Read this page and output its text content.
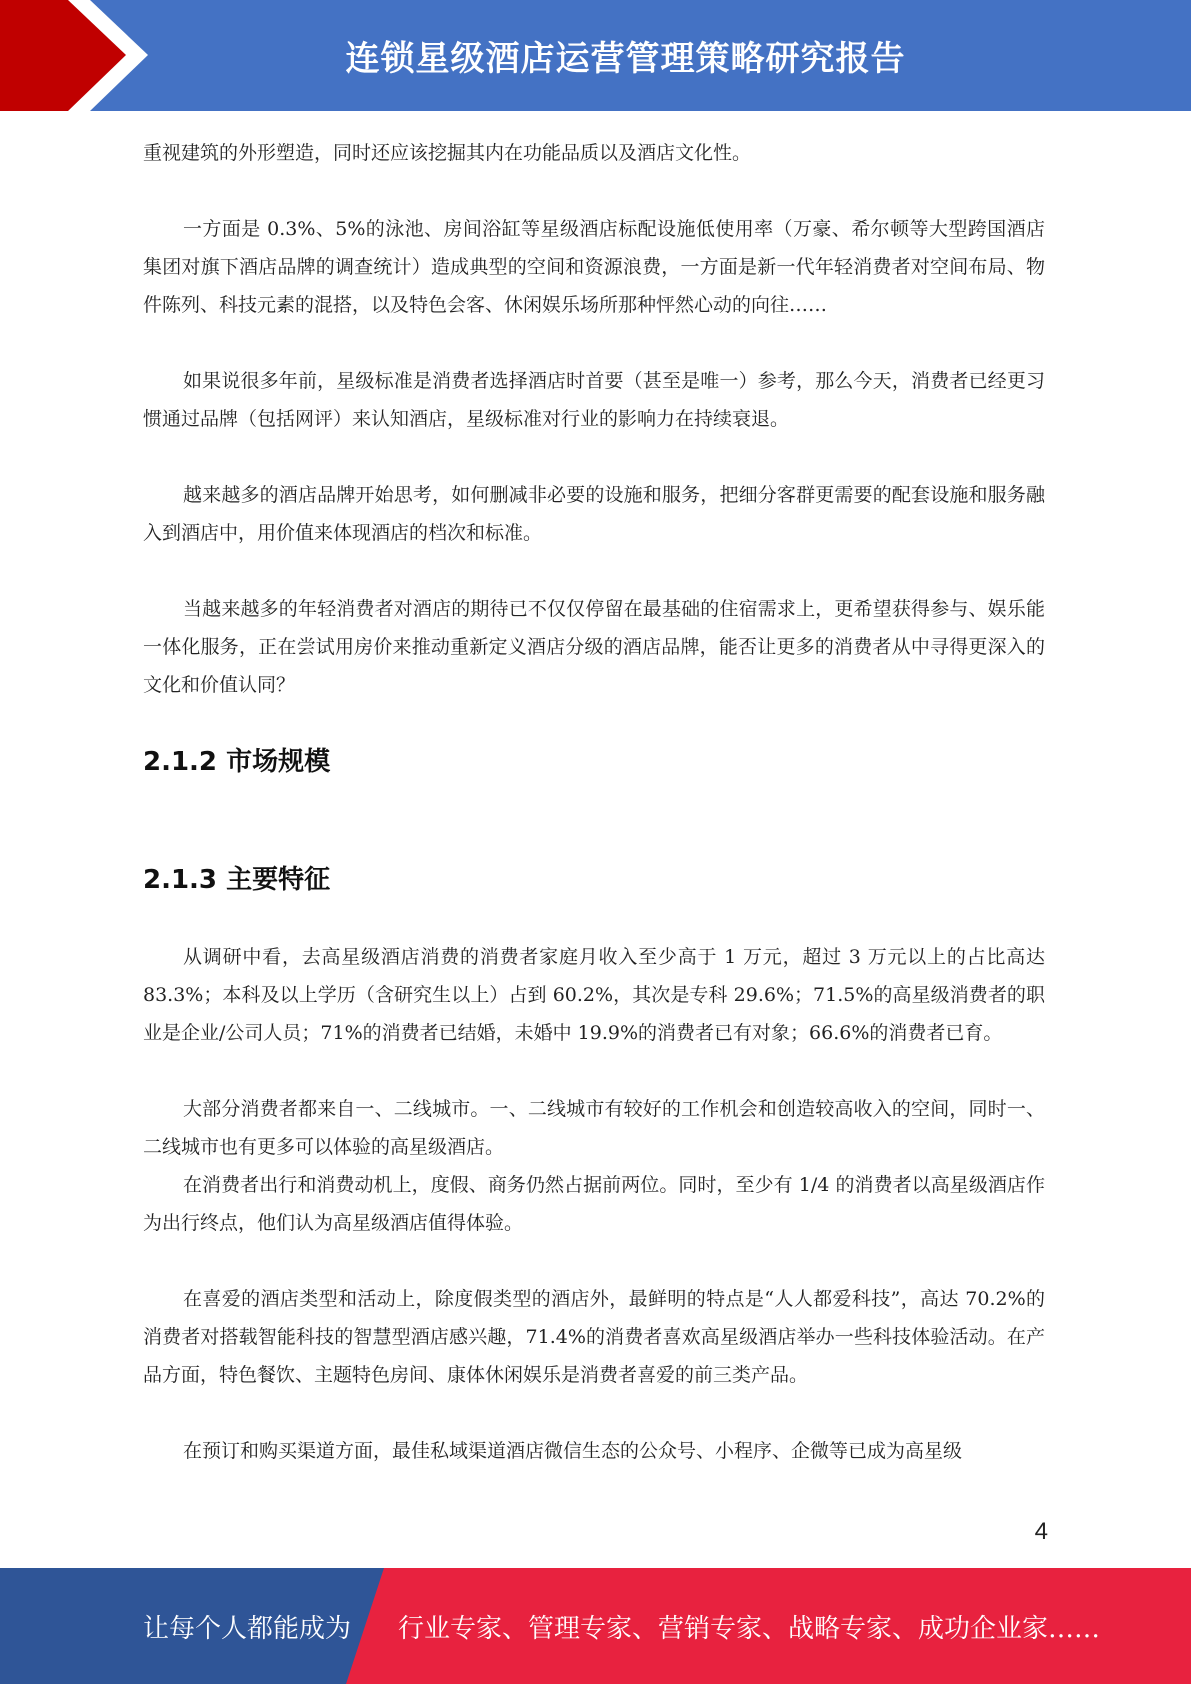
连锁星级酒店运营管理策略研究报告

重视建筑的外形塑造，同时还应该挖掘其内在功能品质以及酒店文化性。

一方面是 0.3%、5%的泳池、房间浴缸等星级酒店标配设施低使用率（万豪、希尔顿等大型跨国酒店集团对旗下酒店品牌的调查统计）造成典型的空间和资源浪费，一方面是新一代年轻消费者对空间布局、物件陈列、科技元素的混搭，以及特色会客、休闲娱乐场所那种怦然心动的向往……

如果说很多年前，星级标准是消费者选择酒店时首要（甚至是唯一）参考，那么今天，消费者已经更习惯通过品牌（包括网评）来认知酒店，星级标准对行业的影响力在持续衰退。

越来越多的酒店品牌开始思考，如何删减非必要的设施和服务，把细分客群更需要的配套设施和服务融入到酒店中，用价值来体现酒店的档次和标准。

当越来越多的年轻消费者对酒店的期待已不仅仅停留在最基础的住宿需求上，更希望获得参与、娱乐能一体化服务，正在尝试用房价来推动重新定义酒店分级的酒店品牌，能否让更多的消费者从中寻得更深入的文化和价值认同？

2.1.2 市场规模
2.1.3 主要特征

从调研中看，去高星级酒店消费的消费者家庭月收入至少高于 1 万元，超过 3 万元以上的占比高达 83.3%；本科及以上学历（含研究生以上）占到 60.2%，其次是专科 29.6%；71.5%的高星级消费者的职业是企业/公司人员；71%的消费者已结婚，未婚中 19.9%的消费者已有对象；66.6%的消费者已育。

大部分消费者都来自一、二线城市。一、二线城市有较好的工作机会和创造较高收入的空间，同时一、二线城市也有更多可以体验的高星级酒店。

在消费者出行和消费动机上，度假、商务仍然占据前两位。同时，至少有 1/4 的消费者以高星级酒店作为出行终点，他们认为高星级酒店值得体验。

在喜爱的酒店类型和活动上，除度假类型的酒店外，最鲜明的特点是“人人都爱科技”，高达 70.2%的消费者对搭载智能科技的智慧型酒店感兴趣，71.4%的消费者喜欢高星级酒店举办一些科技体验活动。在产品方面，特色餐饮、主题特色房间、康体休闲娱乐是消费者喜爱的前三类产品。

在预订和购买渠道方面，最佳私域渠道酒店微信生态的公众号、小程序、企微等已成为高星级

4
让每个人都能成为 行业专家、管理专家、营销专家、战略专家、成功企业家……
